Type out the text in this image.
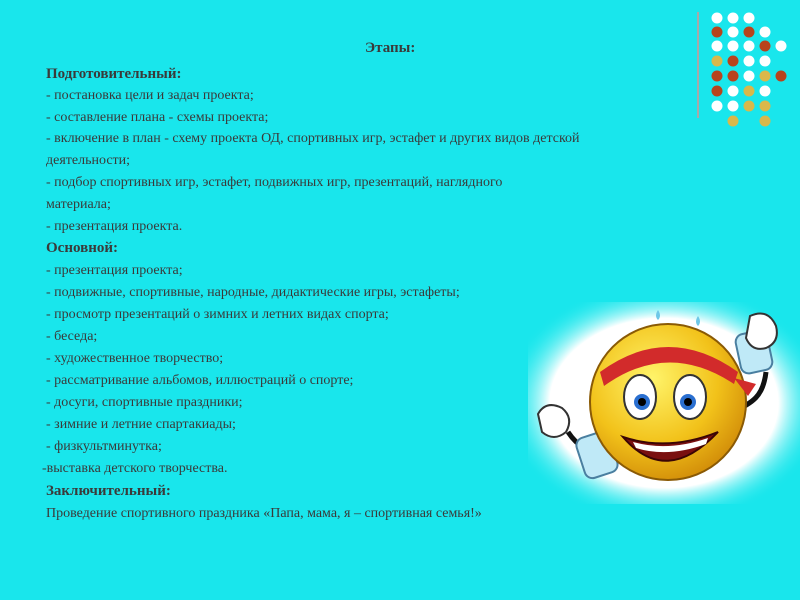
Этапы:
Подготовительный:
- постановка цели и задач проекта;
- составление плана - схемы проекта;
- включение в план - схему проекта ОД, спортивных игр, эстафет и других видов детской
деятельности;
- подбор спортивных игр, эстафет, подвижных игр, презентаций, наглядного
материала;
- презентация проекта.
Основной:
- презентация проекта;
- подвижные, спортивные, народные, дидактические игры, эстафеты;
- просмотр презентаций о зимних и летних видах спорта;
- беседа;
- художественное творчество;
- рассматривание альбомов, иллюстраций о спорте;
- досуги, спортивные праздники;
- зимние и летние спартакиады;
- физкультминутка;
-выставка детского творчества.
Заключительный:
Проведение спортивного праздника «Папа, мама, я – спортивная семья!»
